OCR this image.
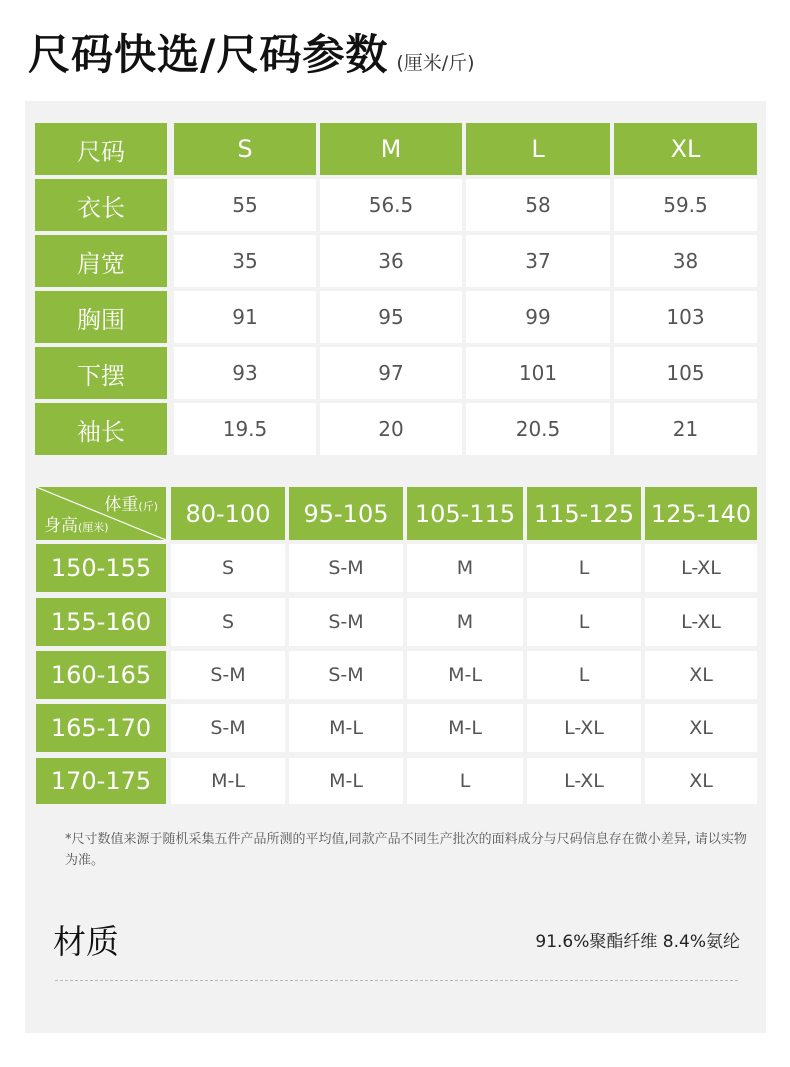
尺码快选/尺码参数 (厘米/斤)
尺码	S	M	L	XL
衣长	55	56.5	58	59.5
肩宽	35	36	37	38
胸围	91	95	99	103
下摆	93	97	101	105
袖长	19.5	20	20.5	21
体重(斤)
身高(厘米)	80-100	95-105	105-115 115-125 125-140
150-155	S	S-M	M	L	L-XL
155-160	S	S-M	M	L	L-XL
160-165	S-M	S-M	M-L	L	XL
165-170	S-M	M-L	M-L	L-XL	XL
170-175	M-L	M-L	L	L-XL	XL
*尺寸数值来源于随机采集五件产品所测的平均值,同款产品不同生产批次的面料成分与尺码信息存在微小差异, 请以实物为准。
材质	91.6%聚酯纤维 8.4%氨纶
